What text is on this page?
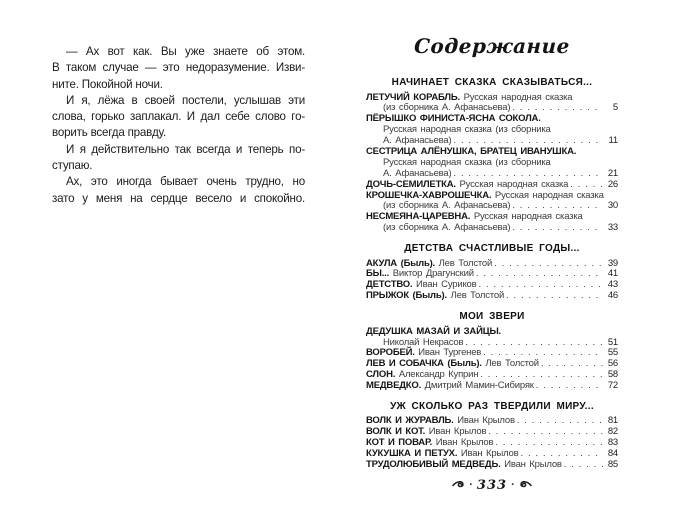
— Ах вот как. Вы уже знаете об этом.
В таком случае — это недоразумение. Изви-
ните. Покойной ночи.
И я, лёжа в своей постели, услышав эти
слова, горько заплакал. И дал себе слово го-
ворить всегда правду.
И я действительно так всегда и теперь по-
ступаю.
Ах, это иногда бывает очень трудно, но
зато у меня на сердце весело и спокойно.
Содержание
НАЧИНАЕТ СКАЗКА СКАЗЫВАТЬСЯ...
ЛЕТУЧИЙ КОРАБЛЬ. Русская народная сказка
(из сборника А. Афанасьева) . . .	5
ПЁРЫШКО ФИНИСТА-ЯСНА СОКОЛА.
Русская народная сказка (из сборника
А. Афанасьева) . . .	11
СЕСТРИЦА АЛЁНУШКА, БРАТЕЦ ИВАНУШКА.
Русская народная сказка (из сборника
А. Афанасьева) . . .	21
ДОЧЬ-СЕМИЛЕТКА. Русская народная сказка . . .	26
КРОШЕЧКА-ХАВРОШЕЧКА. Русская народная сказка
(из сборника А. Афанасьева) . . .	30
НЕСМЕЯНА-ЦАРЕВНА. Русская народная сказка
(из сборника А. Афанасьева) . . .	33
ДЕТСТВА СЧАСТЛИВЫЕ ГОДЫ...
АКУЛА (Быль). Лев Толстой . . .	39
БЫ... Виктор Драгунский . . .	41
ДЕТСТВО. Иван Суриков . . .	43
ПРЫЖОК (Быль). Лев Толстой . . .	46
МОИ ЗВЕРИ
ДЕДУШКА МАЗАЙ И ЗАЙЦЫ.
Николай Некрасов . . .	51
ВОРОБЕЙ. Иван Тургенев . . .	55
ЛЕВ И СОБАЧКА (Быль). Лев Толстой . . .	56
СЛОН. Александр Куприн . . .	58
МЕДВЕДКО. Дмитрий Мамин-Сибиряк . . .	72
УЖ СКОЛЬКО РАЗ ТВЕРДИЛИ МИРУ...
ВОЛК И ЖУРАВЛЬ. Иван Крылов . . .	81
ВОЛК И КОТ. Иван Крылов . . .	82
КОТ И ПОВАР. Иван Крылов . . .	83
КУКУШКА И ПЕТУХ. Иван Крылов . . .	84
ТРУДОЛЮБИВЫЙ МЕДВЕДЬ. Иван Крылов . . .	85
· 333 ·
